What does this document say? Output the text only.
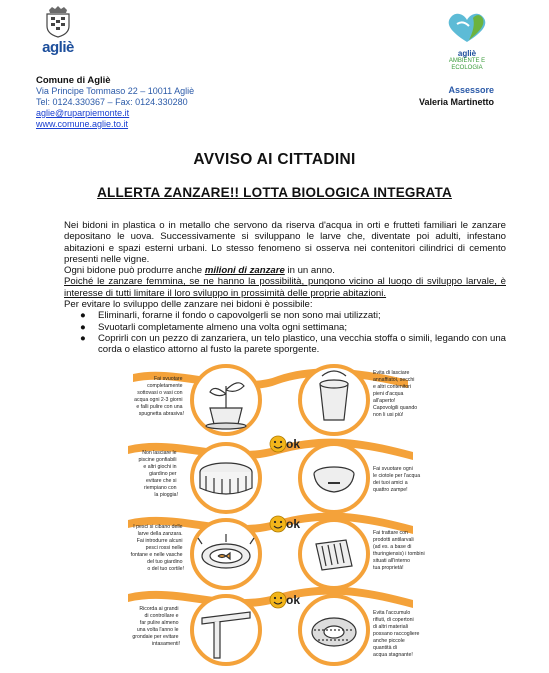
agliè	agliè
AMBIENTE E
ECOLOGIA
Comune di Agliè
Via Principe Tommaso 22 – 10011 Agliè
Tel: 0124.330367 – Fax: 0124.330280
aglie@ruparpiemonte.it
www.comune.aglie.to.it
Assessore
Valeria Martinetto
AVVISO AI CITTADINI
ALLERTA ZANZARE!! LOTTA BIOLOGICA INTEGRATA

Nei bidoni in plastica o in metallo che servono da riserva d'acqua in orti e frutteti familiari le zanzare depositano le uova. Successivamente si sviluppano le larve che, diventate poi adulti, infestano abitazioni e spazi esterni urbani. Lo stesso fenomeno si osserva nei contenitori cilindrici di cemento presenti nelle vigne.

Ogni bidone può produrre anche milioni di zanzare in un anno.

Poiché le zanzare femmina, se ne hanno la possibilità, pungono vicino al luogo di sviluppo larvale, è interesse di tutti limitare il loro sviluppo in prossimità delle proprie abitazioni.

Per evitare lo sviluppo delle zanzare nei bidoni è possibile:

● Eliminarli, forarne il fondo o capovolgerli se non sono mai utilizzati;
● Svuotarli completamente almeno una volta ogni settimana;
● Coprirli con un pezzo di zanzariera, un telo plastico, una vecchia stoffa o simili, legando con una corda o elastico attorno al fusto la parete sporgente.
ok
ok
ok
Fai svuotare completamente sottovasi o vasi con acqua ogni 2-3 giorni e falli pulire con una spugnetta abrasiva!
Non lasciare le piscine gonfiabili e altri giochi in giardino per evitare che si riempiano con la pioggia!
I pesci si cibano delle larve della zanzara. Fai introdurre alcuni pesci rossi nelle fontane e nelle vasche del tuo giardino o del tuo cortile!
Ricorda ai grandi di controllare e far pulire almeno una volta l'anno le grondaie per evitare intasamenti!
Evita di lasciare annaffiatoi, secchi e altri contenitori pieni d'acqua all'aperto! Capovolgili quando non li usi più!
Fai svuotare ogni le ciotole per l'acqua dei tuoi amici a quattro zampe!
Fai trattare con prodotti antilarvali (ad es. a base di thuringiensis) i tombini situati all'interno tua proprietà!
Evita l'accumulo rifiuti, di copertoni di altri materiali possano raccogliere anche piccole quantità di acqua stagnante!
